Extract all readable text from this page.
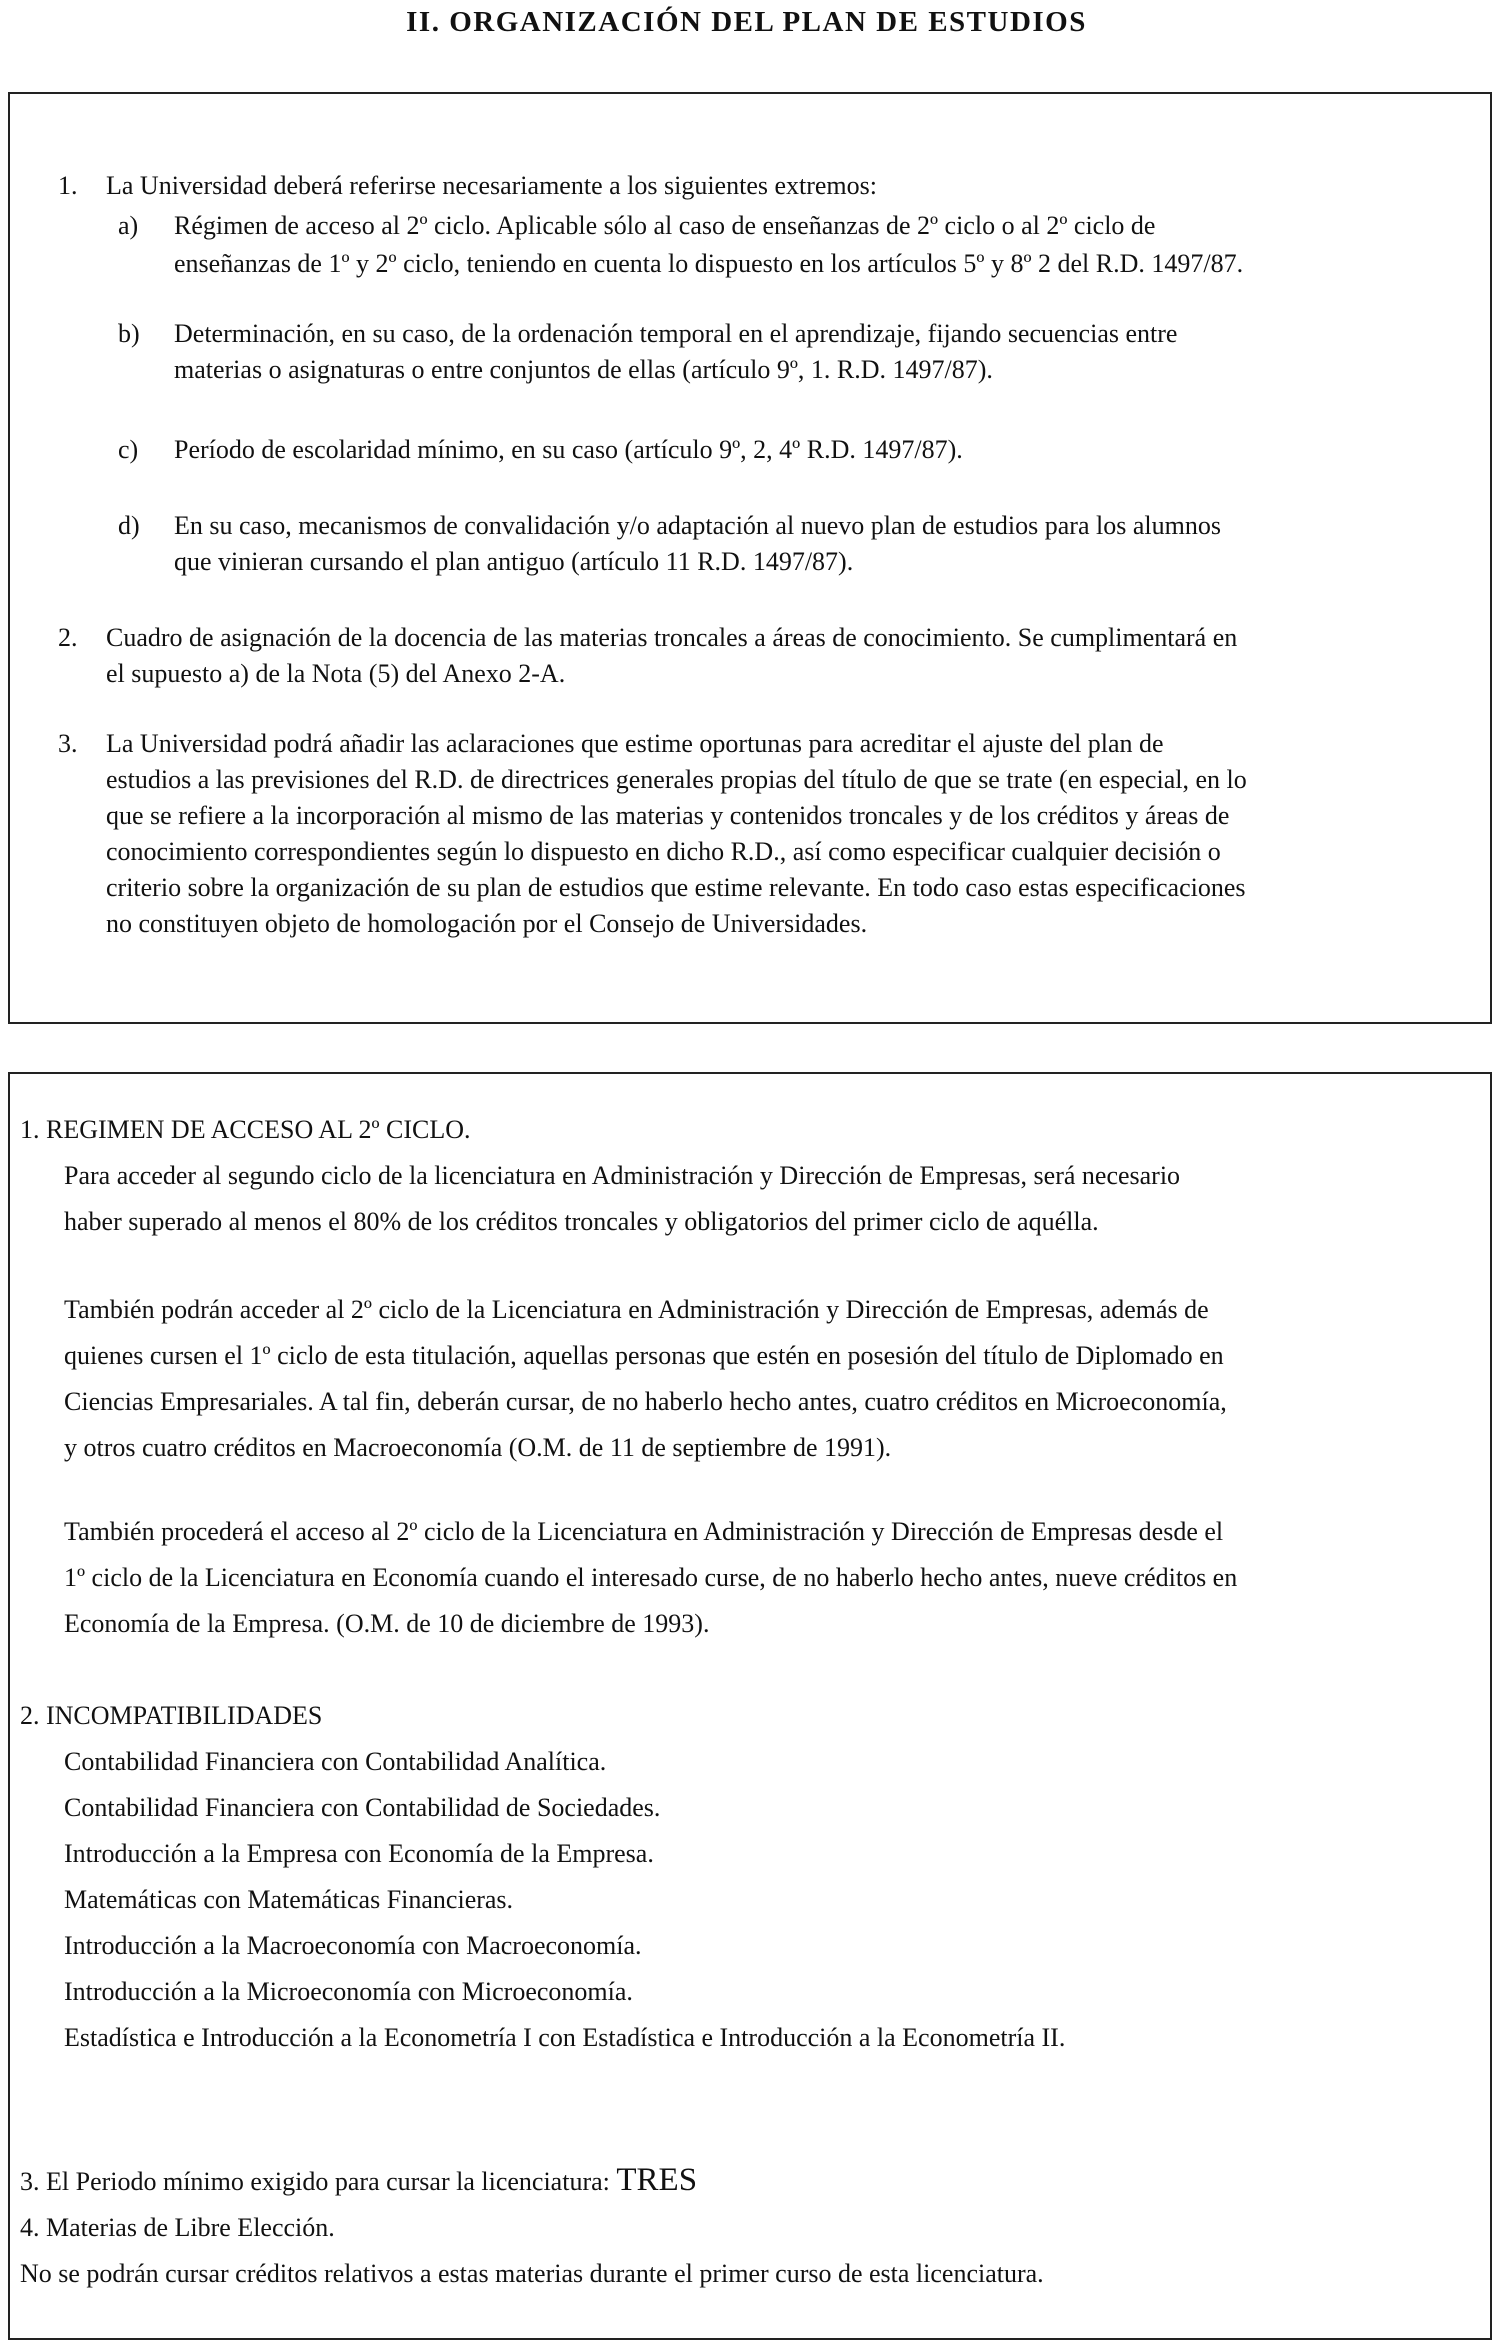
II. ORGANIZACIÓN DEL PLAN DE ESTUDIOS
1. La Universidad deberá referirse necesariamente a los siguientes extremos:
a) Régimen de acceso al 2º ciclo. Aplicable sólo al caso de enseñanzas de 2º ciclo o al 2º ciclo de
enseñanzas de 1º y 2º ciclo, teniendo en cuenta lo dispuesto en los artículos 5º y 8º 2 del R.D. 1497/87.
b) Determinación, en su caso, de la ordenación temporal en el aprendizaje, fijando secuencias entre
materias o asignaturas o entre conjuntos de ellas (artículo 9º, 1. R.D. 1497/87).
c) Período de escolaridad mínimo, en su caso (artículo 9º, 2, 4º R.D. 1497/87).
d) En su caso, mecanismos de convalidación y/o adaptación al nuevo plan de estudios para los alumnos
que vinieran cursando el plan antiguo (artículo 11 R.D. 1497/87).
2. Cuadro de asignación de la docencia de las materias troncales a áreas de conocimiento. Se cumplimentará en
el supuesto a) de la Nota (5) del Anexo 2-A.
3. La Universidad podrá añadir las aclaraciones que estime oportunas para acreditar el ajuste del plan de
estudios a las previsiones del R.D. de directrices generales propias del título de que se trate (en especial, en lo
que se refiere a la incorporación al mismo de las materias y contenidos troncales y de los créditos y áreas de
conocimiento correspondientes según lo dispuesto en dicho R.D., así como especificar cualquier decisión o
criterio sobre la organización de su plan de estudios que estime relevante. En todo caso estas especificaciones
no constituyen objeto de homologación por el Consejo de Universidades.
1. REGIMEN DE ACCESO AL 2º CICLO.
Para acceder al segundo ciclo de la licenciatura en Administración y Dirección de Empresas, será necesario
haber superado al menos el 80% de los créditos troncales y obligatorios del primer ciclo de aquélla.
También podrán acceder al 2º ciclo de la Licenciatura en Administración y Dirección de Empresas, además de
quienes cursen el 1º ciclo de esta titulación, aquellas personas que estén en posesión del título de Diplomado en
Ciencias Empresariales. A tal fin, deberán cursar, de no haberlo hecho antes, cuatro créditos en Microeconomía,
y otros cuatro créditos en Macroeconomía (O.M. de 11 de septiembre de 1991).
También procederá el acceso al 2º ciclo de la Licenciatura en Administración y Dirección de Empresas desde el
1º ciclo de la Licenciatura en Economía cuando el interesado curse, de no haberlo hecho antes, nueve créditos en
Economía de la Empresa. (O.M. de 10 de diciembre de 1993).
2. INCOMPATIBILIDADES
Contabilidad Financiera con Contabilidad Analítica.
Contabilidad Financiera con Contabilidad de Sociedades.
Introducción a la Empresa con Economía de la Empresa.
Matemáticas con Matemáticas Financieras.
Introducción a la Macroeconomía con Macroeconomía.
Introducción a la Microeconomía con Microeconomía.
Estadística e Introducción a la Econometría I con Estadística e Introducción a la Econometría II.
3. El Periodo mínimo exigido para cursar la licenciatura: TRES
4. Materias de Libre Elección.
No se podrán cursar créditos relativos a estas materias durante el primer curso de esta licenciatura.
